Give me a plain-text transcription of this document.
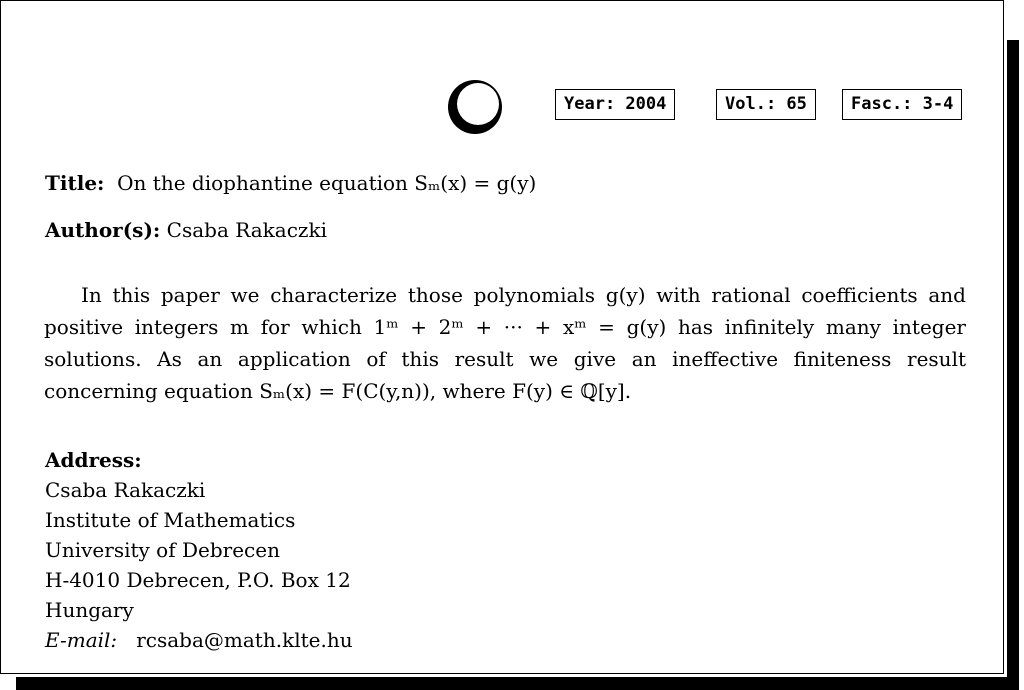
Year: 2004	Vol.: 65	Fasc.: 3-4
Title: On the diophantine equation Sₘ(x) = g(y)
Author(s): Csaba Rakaczki
In this paper we characterize those polynomials g(y) with rational coefficients and positive integers m for which 1ᵐ + 2ᵐ + ··· + xᵐ = g(y) has infinitely many integer solutions. As an application of this result we give an ineffective finiteness result concerning equation Sₘ(x) = F(C(y,n)), where F(y) ∈ ℚ[y].
Address:
Csaba Rakaczki
Institute of Mathematics
University of Debrecen
H-4010 Debrecen, P.O. Box 12
Hungary
E-mail: rcsaba@math.klte.hu
